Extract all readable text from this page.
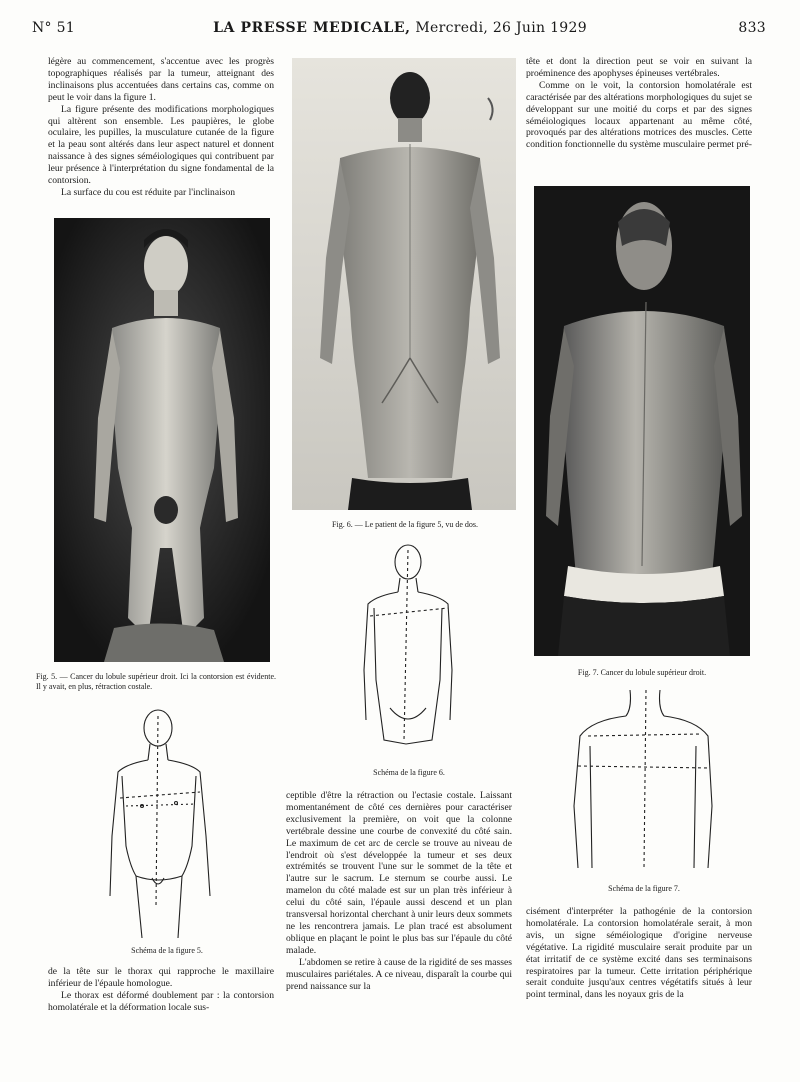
N° 51	LA PRESSE MEDICALE, Mercredi, 26 Juin 1929	833

légère au commencement, s'accentue avec les progrès topographiques réalisés par la tumeur, atteignant des inclinaisons plus accentuées dans certains cas, comme on peut le voir dans la figure 1.

La figure présente des modifications morphologiques qui altèrent son ensemble. Les paupières, le globe oculaire, les pupilles, la musculature cutanée de la figure et la peau sont altérés dans leur aspect naturel et donnent naissance à des signes séméiologiques qui contribuent par leur présence à l'interprétation du signe fondamental de la contorsion.

La surface du cou est réduite par l'inclinaison

Fig. 5. — Cancer du lobule supérieur droit. Ici la contorsion est évidente. Il y avait, en plus, rétraction costale.
Schéma de la figure 5.

de la tête sur le thorax qui rapproche le maxillaire inférieur de l'épaule homologue.

Le thorax est déformé doublement par : la contorsion homolatérale et la déformation locale sus-

Fig. 6. — Le patient de la figure 5, vu de dos.
Schéma de la figure 6.

ceptible d'être la rétraction ou l'ectasie costale. Laissant momentanément de côté ces dernières pour caractériser exclusivement la première, on voit que la colonne vertébrale dessine une courbe de convexité du côté sain. Le maximum de cet arc de cercle se trouve au niveau de l'endroit où s'est développée la tumeur et ses deux extrémités se trouvent l'une sur le sommet de la tête et l'autre sur le sacrum. Le sternum se courbe aussi. Le mamelon du côté malade est sur un plan très inférieur à celui du côté sain, l'épaule aussi descend et un plan transversal horizontal cherchant à unir leurs deux sommets ne les rencontrera jamais. Le plan tracé est absolument oblique en plaçant le point le plus bas sur l'épaule du côté malade.

L'abdomen se retire à cause de la rigidité de ses masses musculaires pariétales. A ce niveau, disparaît la courbe qui prend naissance sur la

tête et dont la direction peut se voir en suivant la proéminence des apophyses épineuses vertébrales.

Comme on le voit, la contorsion homolatérale est caractérisée par des altérations morphologiques du sujet se développant sur une moitié du corps et par des signes séméiologiques locaux appartenant au même côté, provoqués par des altérations motrices des muscles. Cette condition fonctionnelle du système musculaire permet pré-

Fig. 7. Cancer du lobule supérieur droit.
Schéma de la figure 7.

cisément d'interpréter la pathogénie de la contorsion homolatérale. La contorsion homolatérale serait, à mon avis, un signe séméiologique d'origine nerveuse végétative. La rigidité musculaire serait produite par un état irritatif de ce système excité dans ses terminaisons respiratoires par la tumeur. Cette irritation périphérique serait conduite jusqu'aux centres végétatifs situés à leur point terminal, dans les noyaux gris de la
